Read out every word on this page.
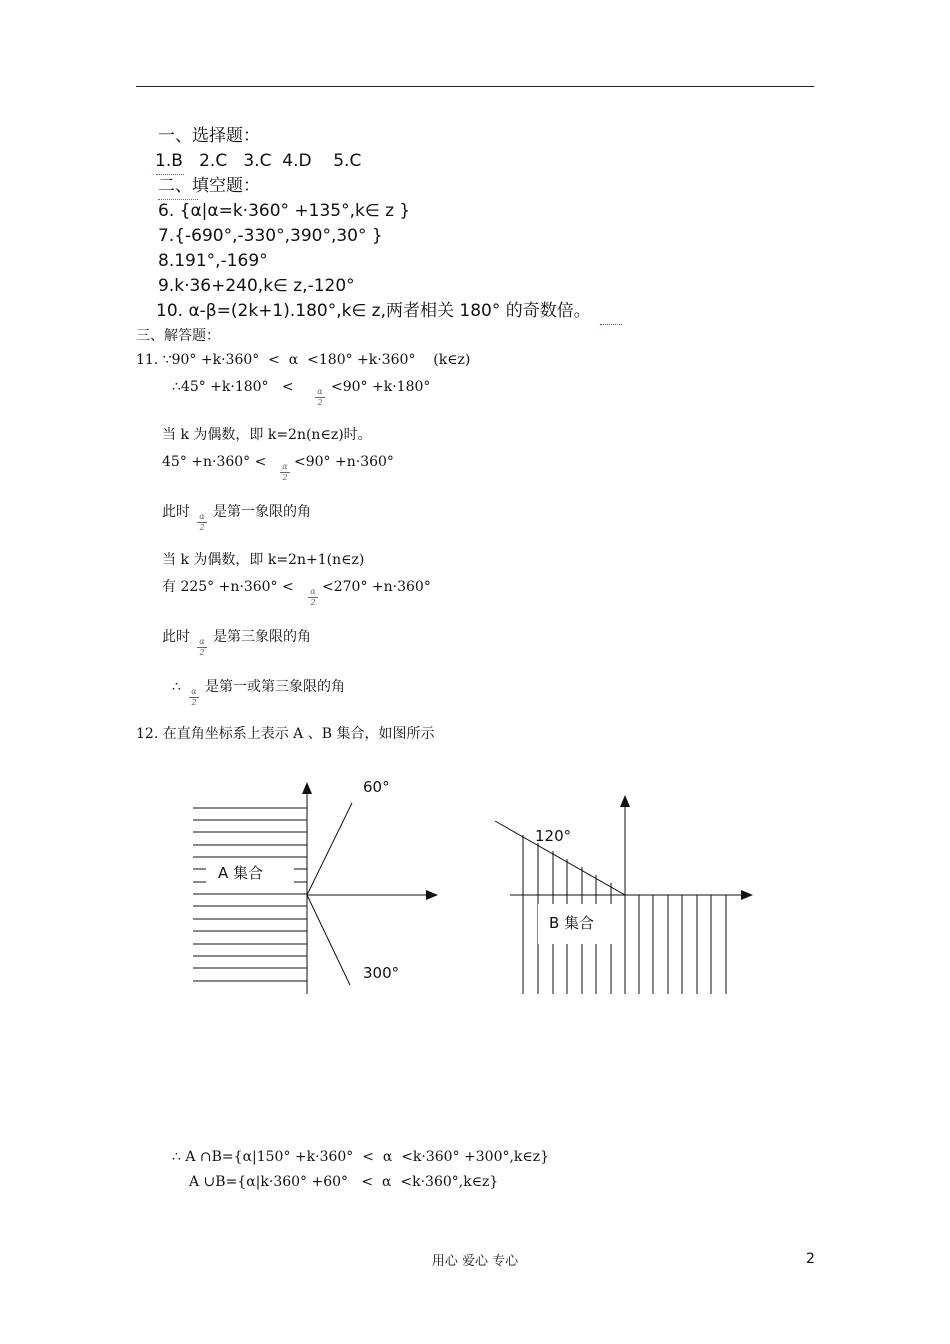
一、选择题：
1.B   2.C   3.C  4.D    5.C
二、填空题：
6. {α|α=k·360° +135°,k∈ z }
7.{-690°,-330°,390°,30° }
8.191°,-169°
9.k·36+240,k∈ z,-120°
10. α-β=(2k+1).180°,k∈ z,两者相关 180° 的奇数倍。
三、解答题：
11. ∵90° +k·360°  <  α  <180° +k·360°    (k∈z)
∴45° +k·180°   <	α
2
<90° +k·180°
当 k 为偶数，即 k=2n(n∈z)时。
45° +n·360° < α
2
<90° +n·360°
此时 α
2
是第一象限的角
当 k 为偶数，即 k=2n+1(n∈z)
有 225° +n·360° < α
2
<270° +n·360°
此时 α
2
是第三象限的角
∴ α
2
是第一或第三象限的角
12. 在直角坐标系上表示 A 、B 集合，如图所示
A 集合
60°
300°
B 集合
120°
∴ A ∩B={α|150° +k·360°  <  α  <k·360° +300°,k∈z}
A ∪B={α|k·360° +60°   <  α  <k·360°,k∈z}
用心 爱心 专心	2
